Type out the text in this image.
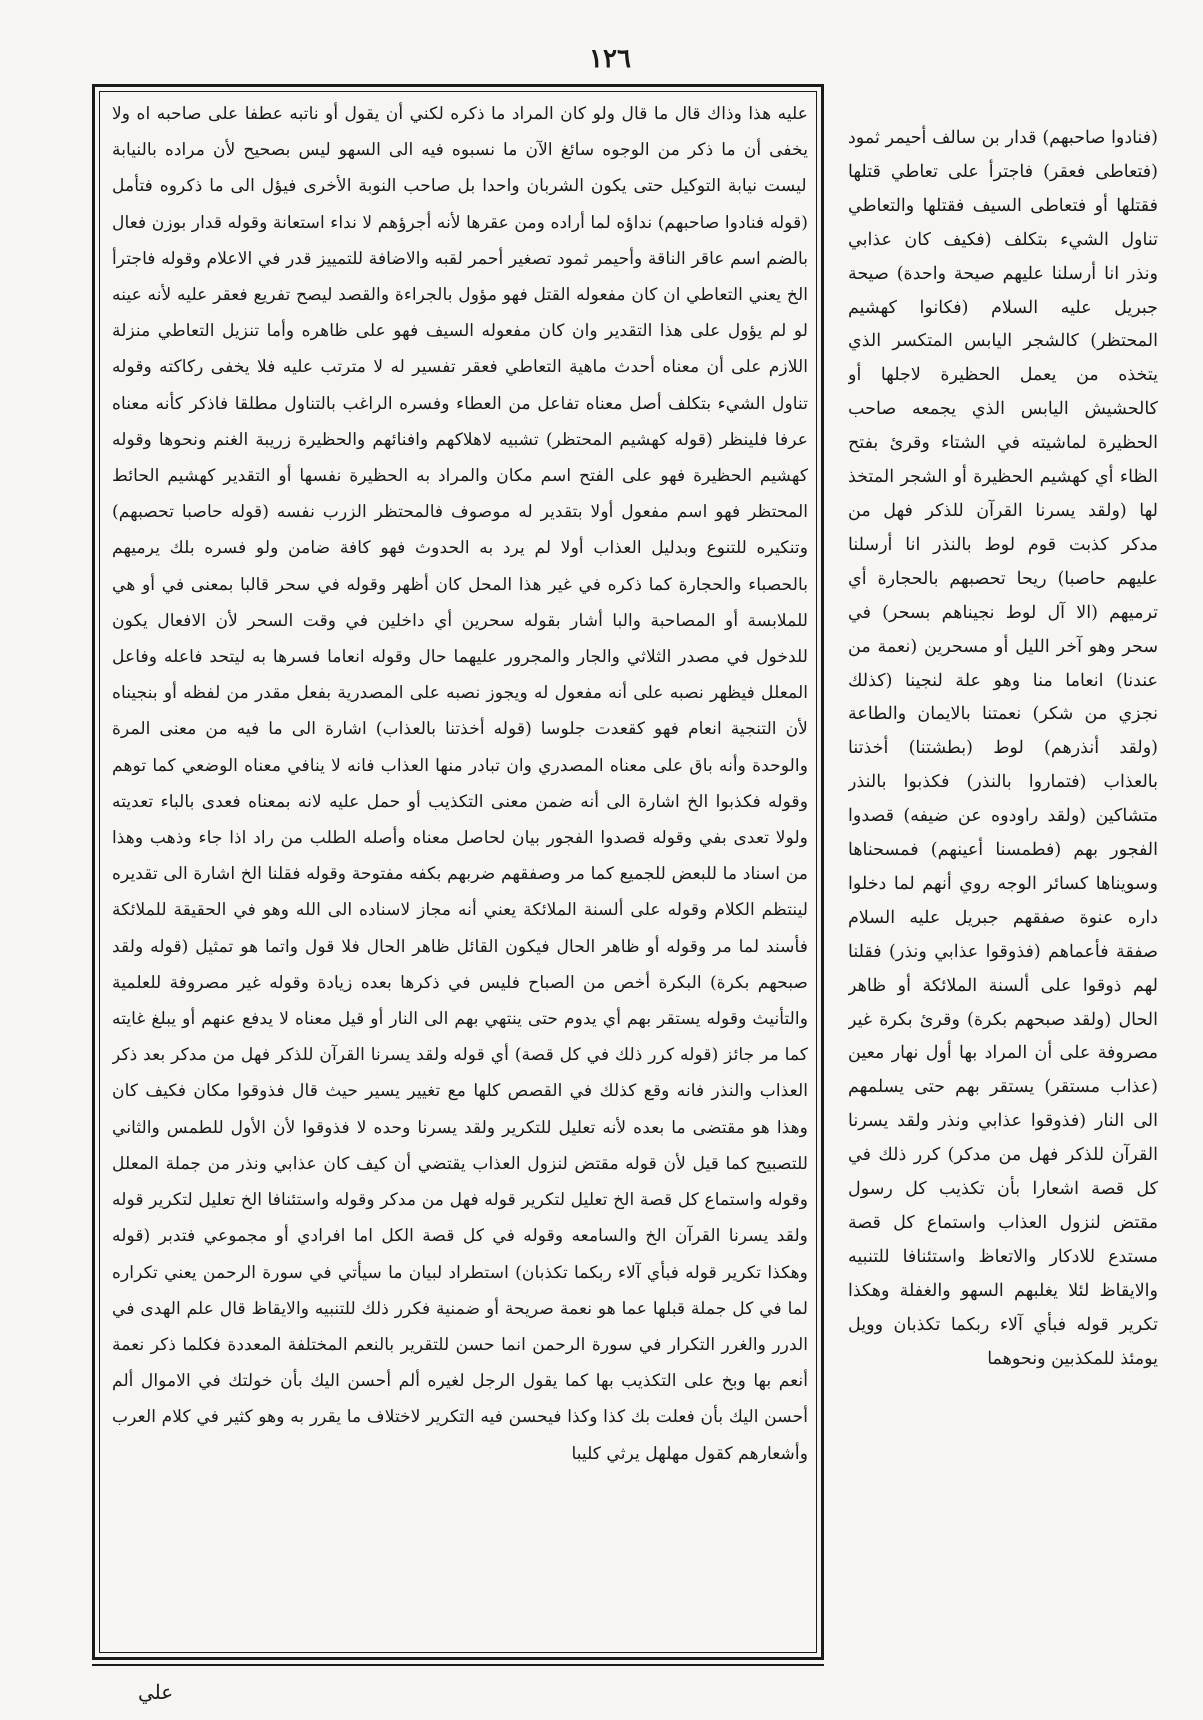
١٢٦
عليه هذا وذاك قال ما قال ولو كان المراد ما ذكره لكني أن يقول أو ناتبه عطفا على صاحبه اه ولا يخفى أن ما ذكر من الوجوه سائغ الآن ما نسبوه فيه الى السهو ليس بصحيح لأن مراده بالنيابة ليست نيابة التوكيل حتى يكون الشربان واحدا بل صاحب النوبة الأخرى فيؤل الى ما ذكروه فتأمل (قوله فنادوا صاحبهم) نداؤه لما أراده ومن عقرها لأنه أجرؤهم لا نداء استعانة وقوله قدار بوزن فعال بالضم اسم عاقر الناقة وأحيمر ثمود تصغير أحمر لقبه والاضافة للتمييز قدر في الاعلام وقوله فاجترأ الخ يعني التعاطي ان كان مفعوله القتل فهو مؤول بالجراءة والقصد ليصح تفريع فعقر عليه لأنه عينه لو لم يؤول على هذا التقدير وان كان مفعوله السيف فهو على ظاهره وأما تنزيل التعاطي منزلة اللازم على أن معناه أحدث ماهية التعاطي فعقر تفسير له لا مترتب عليه فلا يخفى ركاكته وقوله تناول الشيء بتكلف أصل معناه تفاعل من العطاء وفسره الراغب بالتناول مطلقا فاذكر كأنه معناه عرفا فلينظر (قوله كهشيم المحتظر) تشبيه لاهلاكهم وافنائهم والحظيرة زريبة الغنم ونحوها وقوله كهشيم الحظيرة فهو على الفتح اسم مكان والمراد به الحظيرة نفسها أو التقدير كهشيم الحائط المحتظر فهو اسم مفعول أولا بتقدير له موصوف فالمحتظر الزرب نفسه (قوله حاصبا تحصبهم) وتنكيره للتنوع وبدليل العذاب أولا لم يرد به الحدوث فهو كافة ضامن ولو فسره بلك يرميهم بالحصباء والحجارة كما ذكره في غير هذا المحل كان أظهر وقوله في سحر قالبا بمعنى في أو هي للملابسة أو المصاحبة والبا أشار بقوله سحرين أي داخلين في وقت السحر لأن الافعال يكون للدخول في مصدر الثلاثي والجار والمجرور عليهما حال وقوله انعاما فسرها به ليتحد فاعله وفاعل المعلل فيظهر نصبه على أنه مفعول له ويجوز نصبه على المصدرية بفعل مقدر من لفظه أو بنجيناه لأن التنجية انعام فهو كقعدت جلوسا (قوله أخذتنا بالعذاب) اشارة الى ما فيه من معنى المرة والوحدة وأنه باق على معناه المصدري وان تبادر منها العذاب فانه لا ينافي معناه الوضعي كما توهم وقوله فكذبوا الخ اشارة الى أنه ضمن معنى التكذيب أو حمل عليه لانه بمعناه فعدى بالباء تعديته ولولا تعدى بفي وقوله قصدوا الفجور بيان لحاصل معناه وأصله الطلب من راد اذا جاء وذهب وهذا من اسناد ما للبعض للجميع كما مر وصفقهم ضربهم بكفه مفتوحة وقوله فقلنا الخ اشارة الى تقديره لينتظم الكلام وقوله على ألسنة الملائكة يعني أنه مجاز لاسناده الى الله وهو في الحقيقة للملائكة فأسند لما مر وقوله أو ظاهر الحال فيكون القائل ظاهر الحال فلا قول واتما هو تمثيل (قوله ولقد صبحهم بكرة) البكرة أخص من الصباح فليس في ذكرها بعده زيادة وقوله غير مصروفة للعلمية والتأنيث وقوله يستقر بهم أي يدوم حتى ينتهي بهم الى النار أو قيل معناه لا يدفع عنهم أو يبلغ غايته كما مر جائز (قوله كرر ذلك في كل قصة) أي قوله ولقد يسرنا القرآن للذكر فهل من مدكر بعد ذكر العذاب والنذر فانه وقع كذلك في القصص كلها مع تغيير يسير حيث قال فذوقوا مكان فكيف كان وهذا هو مقتضى ما بعده لأنه تعليل للتكرير ولقد يسرنا وحده لا فذوقوا لأن الأول للطمس والثاني للتصبيح كما قيل لأن قوله مقتض لنزول العذاب يقتضي أن كيف كان عذابي ونذر من جملة المعلل وقوله واستماع كل قصة الخ تعليل لتكرير قوله فهل من مدكر وقوله واستئنافا الخ تعليل لتكرير قوله ولقد يسرنا القرآن الخ والسامعه وقوله في كل قصة الكل اما افرادي أو مجموعي فتدبر (قوله وهكذا تكرير قوله فبأي آلاء ربكما تكذبان) استطراد لبيان ما سيأتي في سورة الرحمن يعني تكراره لما في كل جملة قبلها عما هو نعمة صريحة أو ضمنية فكرر ذلك للتنبيه والايقاظ قال علم الهدى في الدرر والغرر التكرار في سورة الرحمن انما حسن للتقرير بالنعم المختلفة المعددة فكلما ذكر نعمة أنعم بها وبخ على التكذيب بها كما يقول الرجل لغيره ألم أحسن اليك بأن خولتك في الاموال ألم أحسن اليك بأن فعلت بك كذا وكذا فيحسن فيه التكرير لاختلاف ما يقرر به وهو كثير في كلام العرب وأشعارهم كقول مهلهل يرثي كليبا
(فنادوا صاحبهم) قدار بن سالف أحيمر ثمود (فتعاطى فعقر) فاجترأ على تعاطي قتلها فقتلها أو فتعاطى السيف فقتلها والتعاطي تناول الشيء بتكلف (فكيف كان عذابي ونذر انا أرسلنا عليهم صيحة واحدة) صيحة جبريل عليه السلام (فكانوا كهشيم المحتظر) كالشجر اليابس المتكسر الذي يتخذه من يعمل الحظيرة لاجلها أو كالحشيش اليابس الذي يجمعه صاحب الحظيرة لماشيته في الشتاء وقرئ بفتح الظاء أي كهشيم الحظيرة أو الشجر المتخذ لها (ولقد يسرنا القرآن للذكر فهل من مدكر كذبت قوم لوط بالنذر انا أرسلنا عليهم حاصبا) ريحا تحصبهم بالحجارة أي ترميهم (الا آل لوط نجيناهم بسحر) في سحر وهو آخر الليل أو مسحرين (نعمة من عندنا) انعاما منا وهو علة لنجينا (كذلك نجزي من شكر) نعمتنا بالايمان والطاعة (ولقد أنذرهم) لوط (بطشتنا) أخذتنا بالعذاب (فتماروا بالنذر) فكذبوا بالنذر متشاكين (ولقد راودوه عن ضيفه) قصدوا الفجور بهم (فطمسنا أعينهم) فمسحناها وسويناها كسائر الوجه روي أنهم لما دخلوا داره عنوة صفقهم جبريل عليه السلام صفقة فأعماهم (فذوقوا عذابي ونذر) فقلنا لهم ذوقوا على ألسنة الملائكة أو ظاهر الحال (ولقد صبحهم بكرة) وقرئ بكرة غير مصروفة على أن المراد بها أول نهار معين (عذاب مستقر) يستقر بهم حتى يسلمهم الى النار (فذوقوا عذابي ونذر ولقد يسرنا القرآن للذكر فهل من مدكر) كرر ذلك في كل قصة اشعارا بأن تكذيب كل رسول مقتض لنزول العذاب واستماع كل قصة مستدع للادكار والاتعاظ واستئنافا للتنبيه والايقاظ لئلا يغلبهم السهو والغفلة وهكذا تكرير قوله فبأي آلاء ربكما تكذبان وويل يومئذ للمكذبين ونحوهما
علي
